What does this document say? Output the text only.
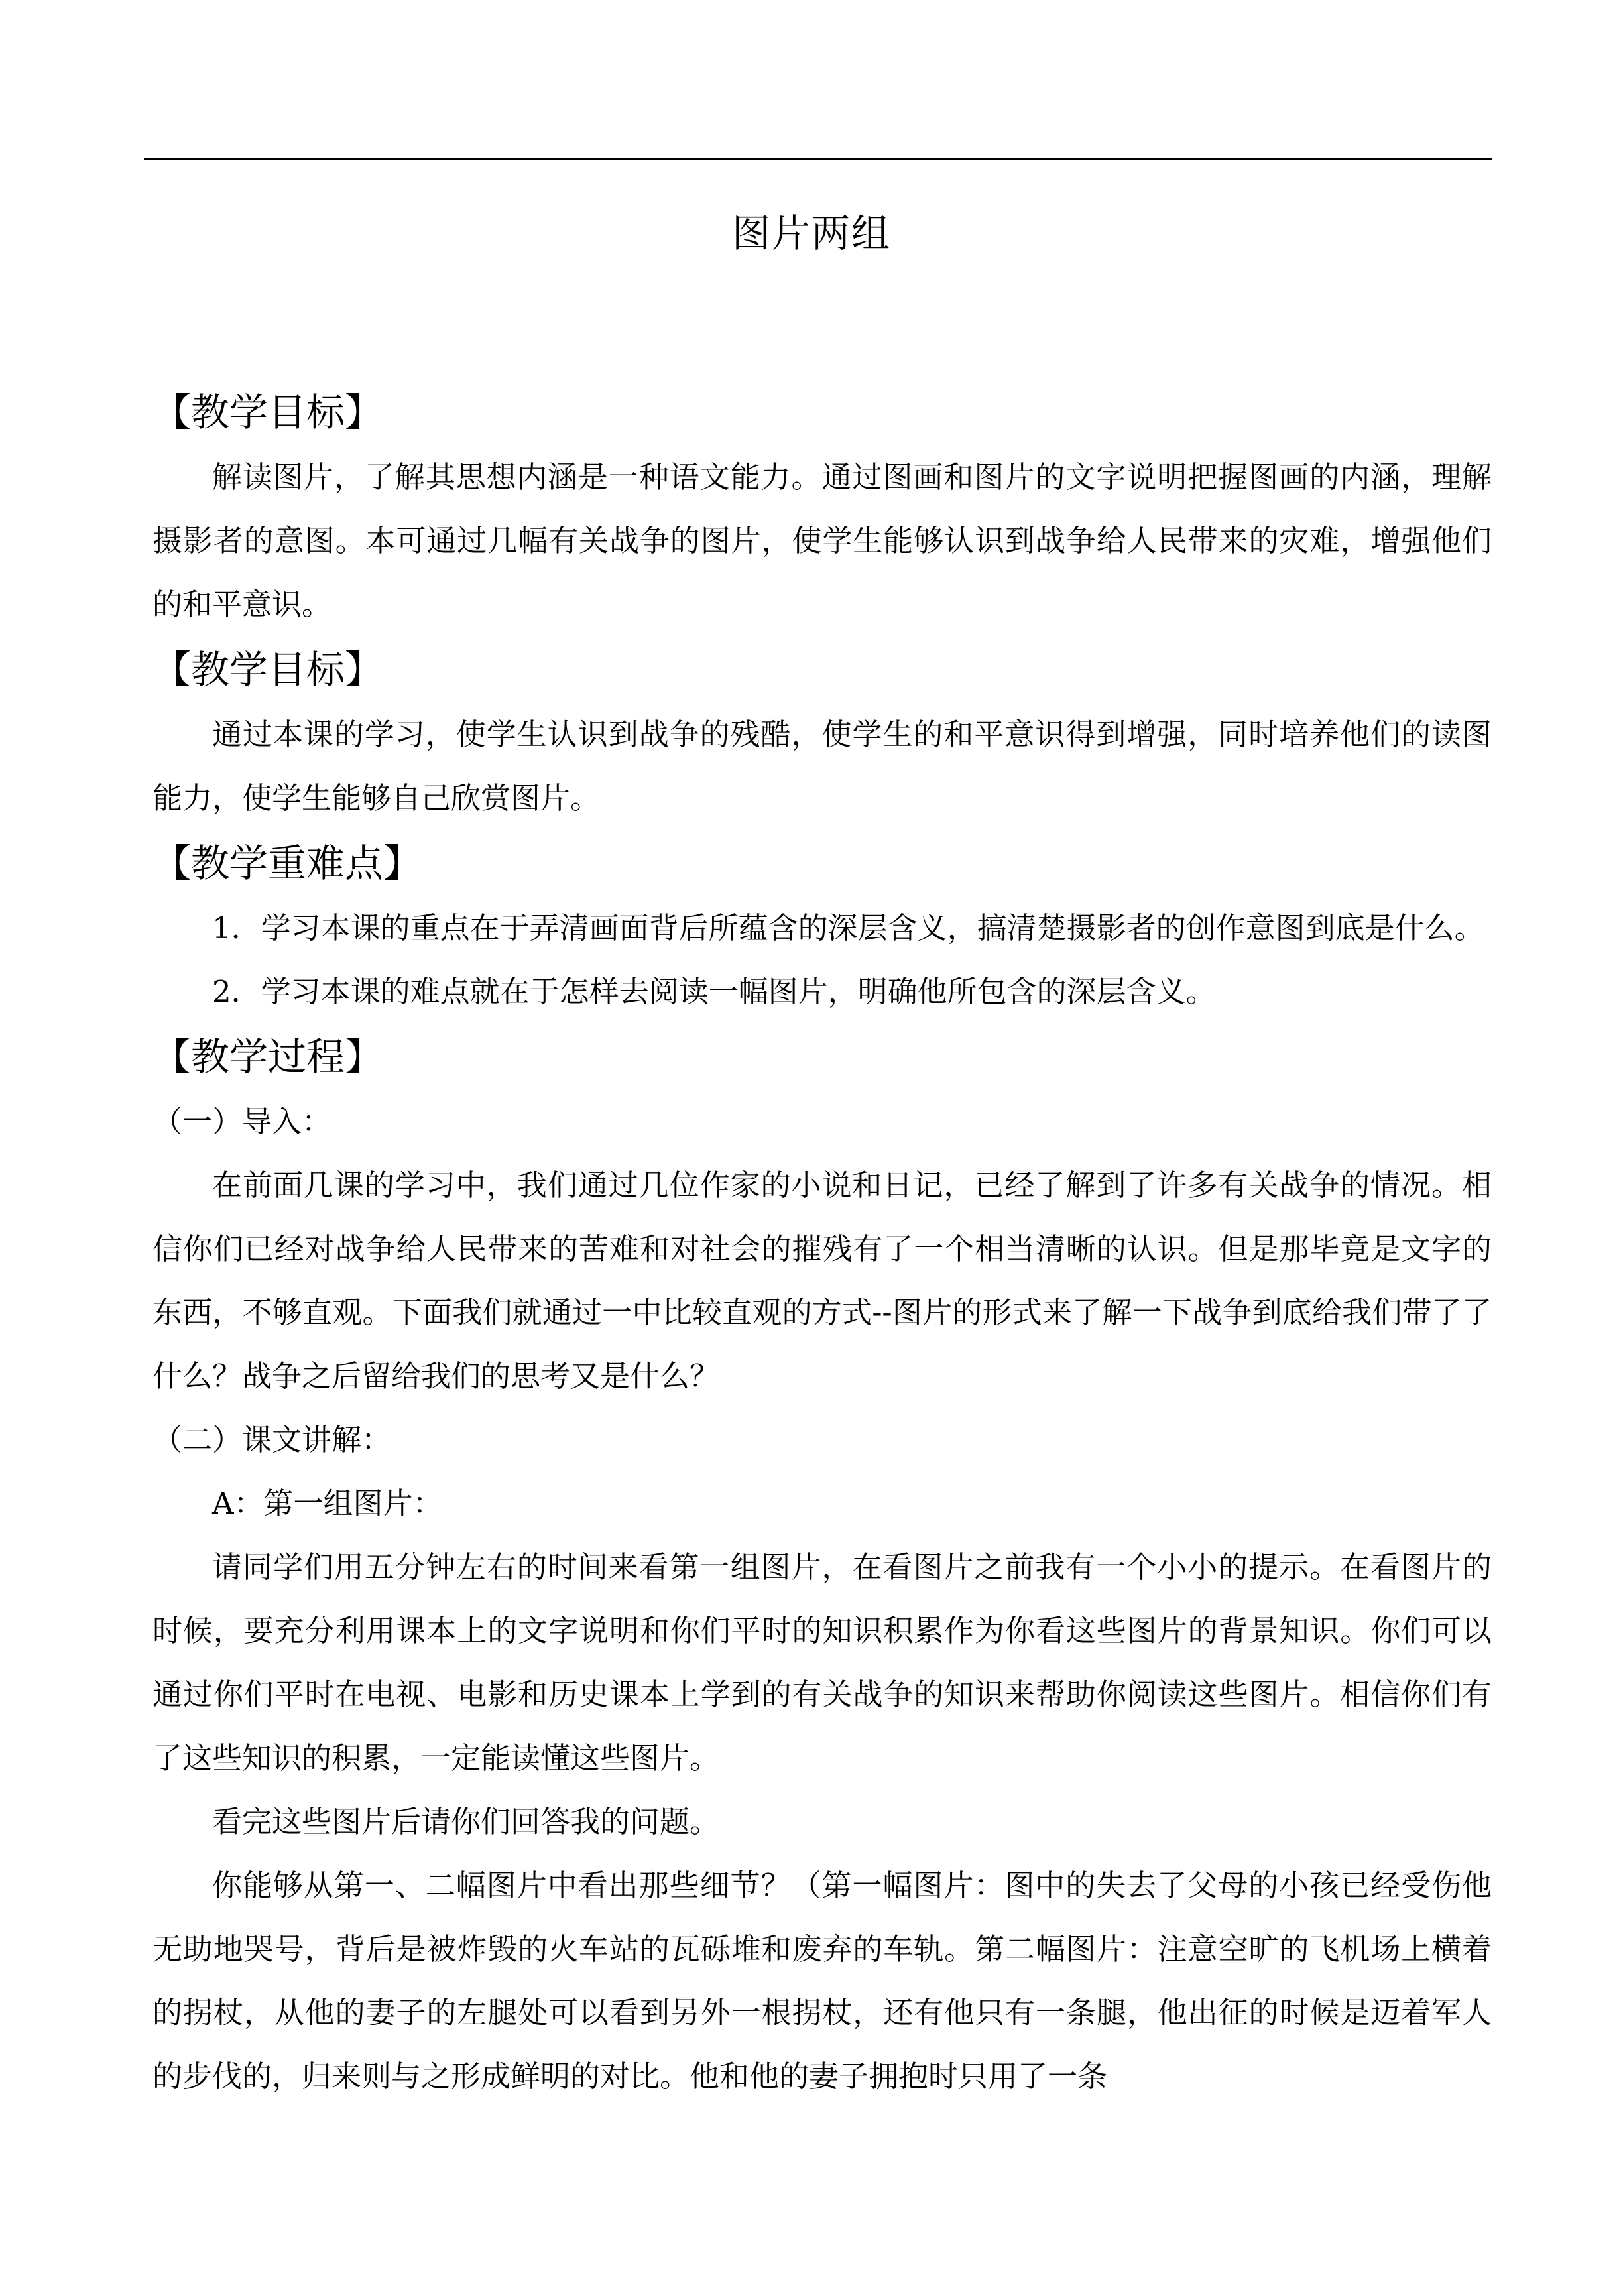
图片两组
【教学目标】

解读图片，了解其思想内涵是一种语文能力。通过图画和图片的文字说明把握图画的内涵，理解摄影者的意图。本可通过几幅有关战争的图片，使学生能够认识到战争给人民带来的灾难，增强他们的和平意识。

【教学目标】

通过本课的学习，使学生认识到战争的残酷，使学生的和平意识得到增强，同时培养他们的读图能力，使学生能够自己欣赏图片。

【教学重难点】

1．学习本课的重点在于弄清画面背后所蕴含的深层含义，搞清楚摄影者的创作意图到底是什么。

2．学习本课的难点就在于怎样去阅读一幅图片，明确他所包含的深层含义。

【教学过程】

（一）导入：

在前面几课的学习中，我们通过几位作家的小说和日记，已经了解到了许多有关战争的情况。相信你们已经对战争给人民带来的苦难和对社会的摧残有了一个相当清晰的认识。但是那毕竟是文字的东西，不够直观。下面我们就通过一中比较直观的方式--图片的形式来了解一下战争到底给我们带了了什么？战争之后留给我们的思考又是什么？

（二）课文讲解：

A：第一组图片：

请同学们用五分钟左右的时间来看第一组图片，在看图片之前我有一个小小的提示。在看图片的时候，要充分利用课本上的文字说明和你们平时的知识积累作为你看这些图片的背景知识。你们可以通过你们平时在电视、电影和历史课本上学到的有关战争的知识来帮助你阅读这些图片。相信你们有了这些知识的积累，一定能读懂这些图片。

看完这些图片后请你们回答我的问题。

你能够从第一、二幅图片中看出那些细节？（第一幅图片：图中的失去了父母的小孩已经受伤他无助地哭号，背后是被炸毁的火车站的瓦砾堆和废弃的车轨。第二幅图片：注意空旷的飞机场上横着的拐杖，从他的妻子的左腿处可以看到另外一根拐杖，还有他只有一条腿，他出征的时候是迈着军人的步伐的，归来则与之形成鲜明的对比。他和他的妻子拥抱时只用了一条
